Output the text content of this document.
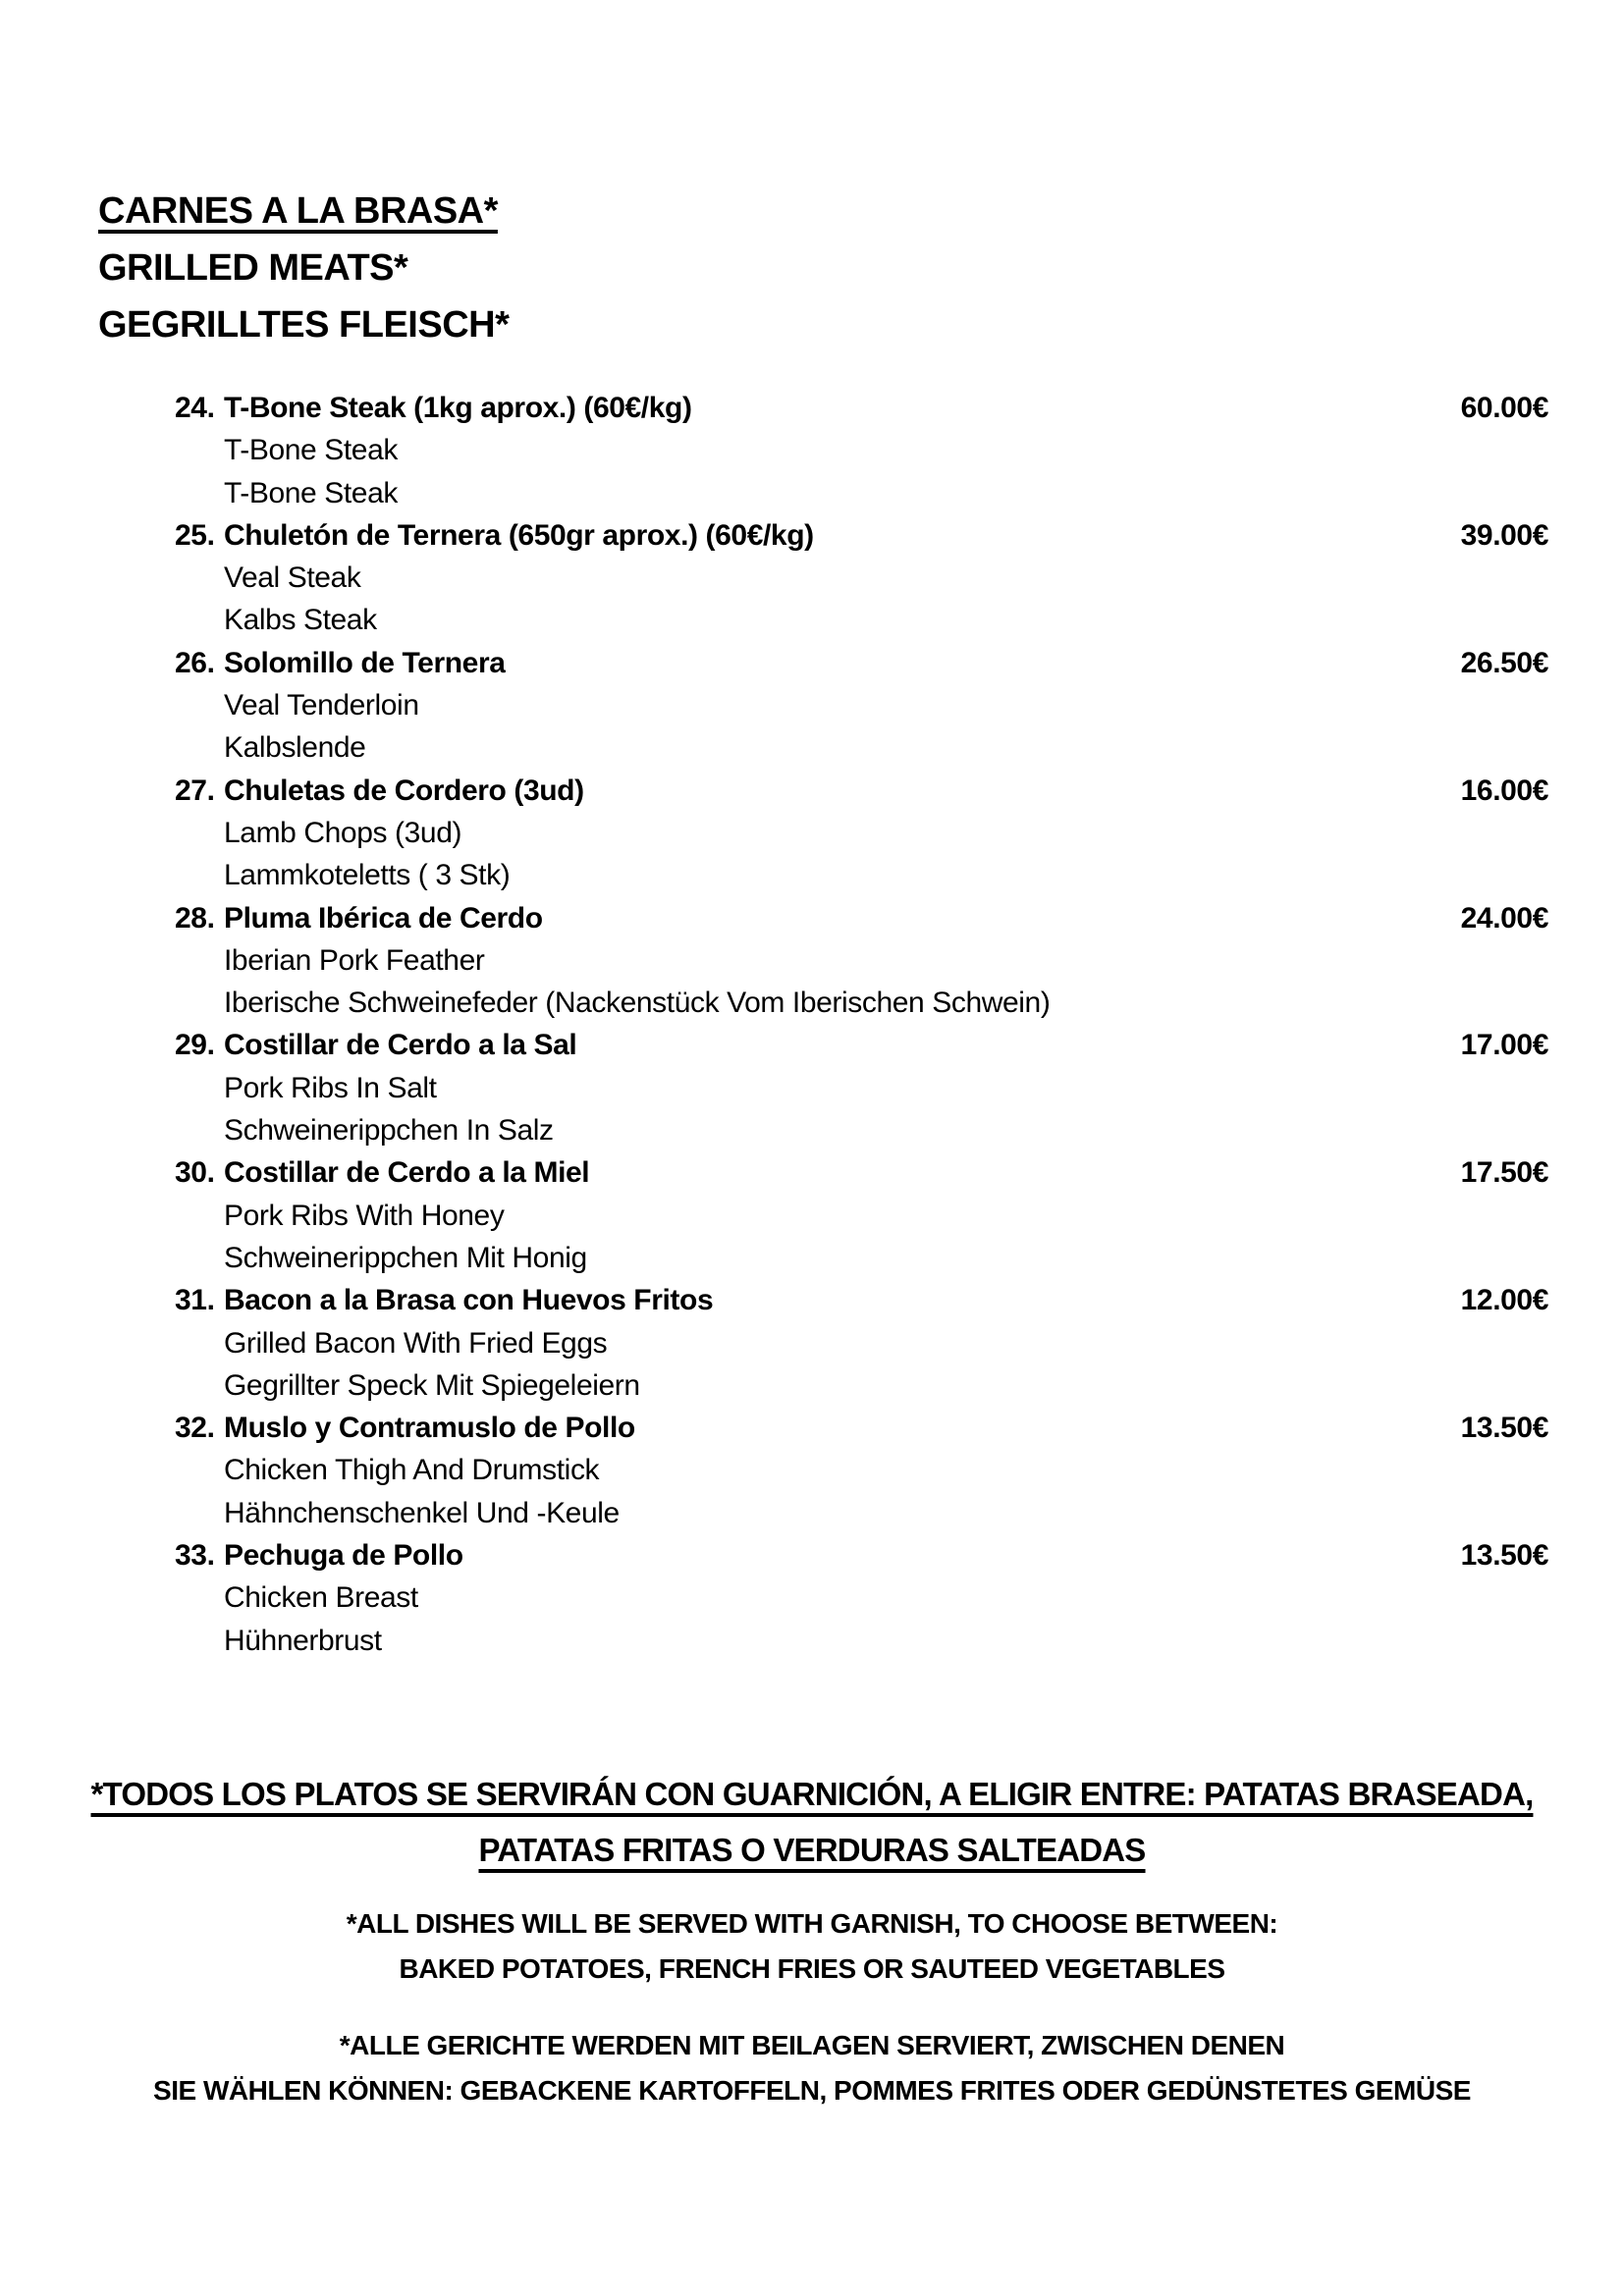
CARNES A LA BRASA*
GRILLED MEATS*
GEGRILLTES FLEISCH*
24. T-Bone Steak (1kg aprox.) (60€/kg)	60.00€
T-Bone Steak
T-Bone Steak
25. Chuletón de Ternera (650gr aprox.) (60€/kg)	39.00€
Veal Steak
Kalbs Steak
26. Solomillo de Ternera	26.50€
Veal Tenderloin
Kalbslende
27. Chuletas de Cordero (3ud)	16.00€
Lamb Chops (3ud)
Lammkoteletts ( 3 Stk)
28. Pluma Ibérica de Cerdo	24.00€
Iberian Pork Feather
Iberische Schweinefeder (Nackenstück Vom Iberischen Schwein)
29. Costillar de Cerdo a la Sal	17.00€
Pork Ribs In Salt
Schweinerippchen In Salz
30. Costillar de Cerdo a la Miel	17.50€
Pork Ribs With Honey
Schweinerippchen Mit Honig
31. Bacon a la Brasa con Huevos Fritos	12.00€
Grilled Bacon With Fried Eggs
Gegrillter Speck Mit Spiegeleiern
32. Muslo y Contramuslo de Pollo	13.50€
Chicken Thigh And Drumstick
Hähnchenschenkel Und -Keule
33. Pechuga de Pollo	13.50€
Chicken Breast
Hühnerbrust
*TODOS LOS PLATOS SE SERVIRÁN CON GUARNICIÓN, A ELIGIR ENTRE: PATATAS BRASEADA,
PATATAS FRITAS O VERDURAS SALTEADAS
*ALL DISHES WILL BE SERVED WITH GARNISH, TO CHOOSE BETWEEN:
BAKED POTATOES, FRENCH FRIES OR SAUTEED VEGETABLES
*ALLE GERICHTE WERDEN MIT BEILAGEN SERVIERT, ZWISCHEN DENEN
SIE WÄHLEN KÖNNEN: GEBACKENE KARTOFFELN, POMMES FRITES ODER GEDÜNSTETES GEMÜSE
